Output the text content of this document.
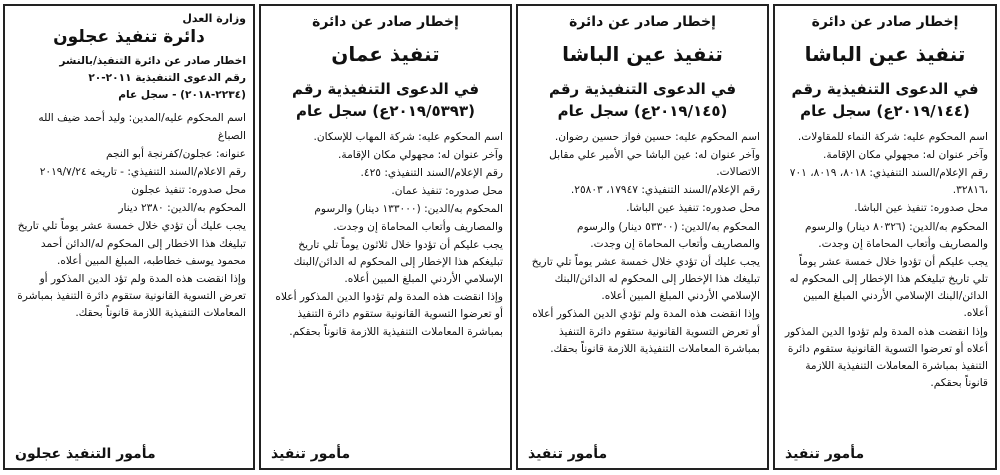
إخطار صادر عن دائرة
تنفيذ عين الباشا
في الدعوى التنفيذية رقم
(٢٠١٩/١٤٤ع) سجل عام

اسم المحكوم عليه: شركة النماء للمقاولات.

وآخر عنوان له: مجهولي مكان الإقامة.

رقم الإعلام/السند التنفيذي: ٨٠١٨، ٨٠١٩، ٧٠١ ،٣٢٨١٦.

محل صدوره: تنفيذ عين الباشا.

المحكوم به/الدين: (٨٠٣٢٦ دينار) والرسوم والمصاريف وأتعاب المحاماة إن وجدت.

يجب عليكم أن تؤدوا خلال خمسة عشر يوماً تلي تاريخ تبليغكم هذا الإخطار إلى المحكوم له الدائن/البنك الإسلامي الأردني المبلغ المبين أعلاه.

وإذا انقضت هذه المدة ولم تؤدوا الدين المذكور أعلاه أو تعرضوا التسوية القانونية ستقوم دائرة التنفيذ بمباشرة المعاملات التنفيذية اللازمة قانوناً بحقكم.

مأمور تنفيذ
إخطار صادر عن دائرة
تنفيذ عين الباشا
في الدعوى التنفيذية رقم
(٢٠١٩/١٤٥ع) سجل عام

اسم المحكوم عليه: حسين فواز حسين رضوان.

وآخر عنوان له: عين الباشا حي الأمير علي مقابل الاتصالات.

رقم الإعلام/السند التنفيذي: ١٧٩٤٧، ٢٥٨٠٣.

محل صدوره: تنفيذ عين الباشا.

المحكوم به/الدين: (٥٣٣٠٠ دينار) والرسوم والمصاريف وأتعاب المحاماة إن وجدت.

يجب عليك أن تؤدي خلال خمسة عشر يوماً تلي تاريخ تبليغك هذا الإخطار إلى المحكوم له الدائن/البنك الإسلامي الأردني المبلغ المبين أعلاه.

وإذا انقضت هذه المدة ولم تؤدي الدين المذكور أعلاه أو تعرض التسوية القانونية ستقوم دائرة التنفيذ بمباشرة المعاملات التنفيذية اللازمة قانوناً بحقك.

مأمور تنفيذ
إخطار صادر عن دائرة
تنفيذ عمان
في الدعوى التنفيذية رقم
(٢٠١٩/٥٣٩٣ع) سجل عام

اسم المحكوم عليه: شركة المهاب للإسكان.

وآخر عنوان له: مجهولي مكان الإقامة.

رقم الإعلام/السند التنفيذي: ٤٢٥.

محل صدوره: تنفيذ عمان.

المحكوم به/الدين: (١٣٣٠٠٠ دينار) والرسوم والمصاريف وأتعاب المحاماة إن وجدت.

يجب عليكم أن تؤدوا خلال ثلاثون يوماً تلي تاريخ تبليغكم هذا الإخطار إلى المحكوم له الدائن/البنك الإسلامي الأردني المبلغ المبين أعلاه.

وإذا انقضت هذه المدة ولم تؤدوا الدين المذكور أعلاه أو تعرضوا التسوية القانونية ستقوم دائرة التنفيذ بمباشرة المعاملات التنفيذية اللازمة قانوناً بحقكم.

مأمور تنفيذ
وزارة العدل
دائرة تنفيذ عجلون
اخطار صادر عن دائرة التنفيذ/بالنشر
رقم الدعوى التنفيذية ٢٠١١-٢٠
(٢٢٣٤-٢٠١٨) - سجل عام

اسم المحكوم عليه/المدين: وليد أحمد ضيف الله الصباغ

عنوانه: عجلون/كفرنجة أبو النجم

رقم الاعلام/السند التنفيذي: - تاريخه ٢٠١٩/٧/٢٤

محل صدوره: تنفيذ عجلون

المحكوم به/الدين: ٢٣٨٠ دينار

يجب عليك أن تؤدي خلال خمسة عشر يوماً تلي تاريخ تبليغك هذا الاخطار إلى المحكوم له/الدائن أحمد محمود يوسف خطاطبه، المبلغ المبين أعلاه.

وإذا انقضت هذه المدة ولم تؤد الدين المذكور أو تعرض التسوية القانونية ستقوم دائرة التنفيذ بمباشرة المعاملات التنفيذية اللازمة قانوناً بحقك.

مأمور التنفيذ عجلون
